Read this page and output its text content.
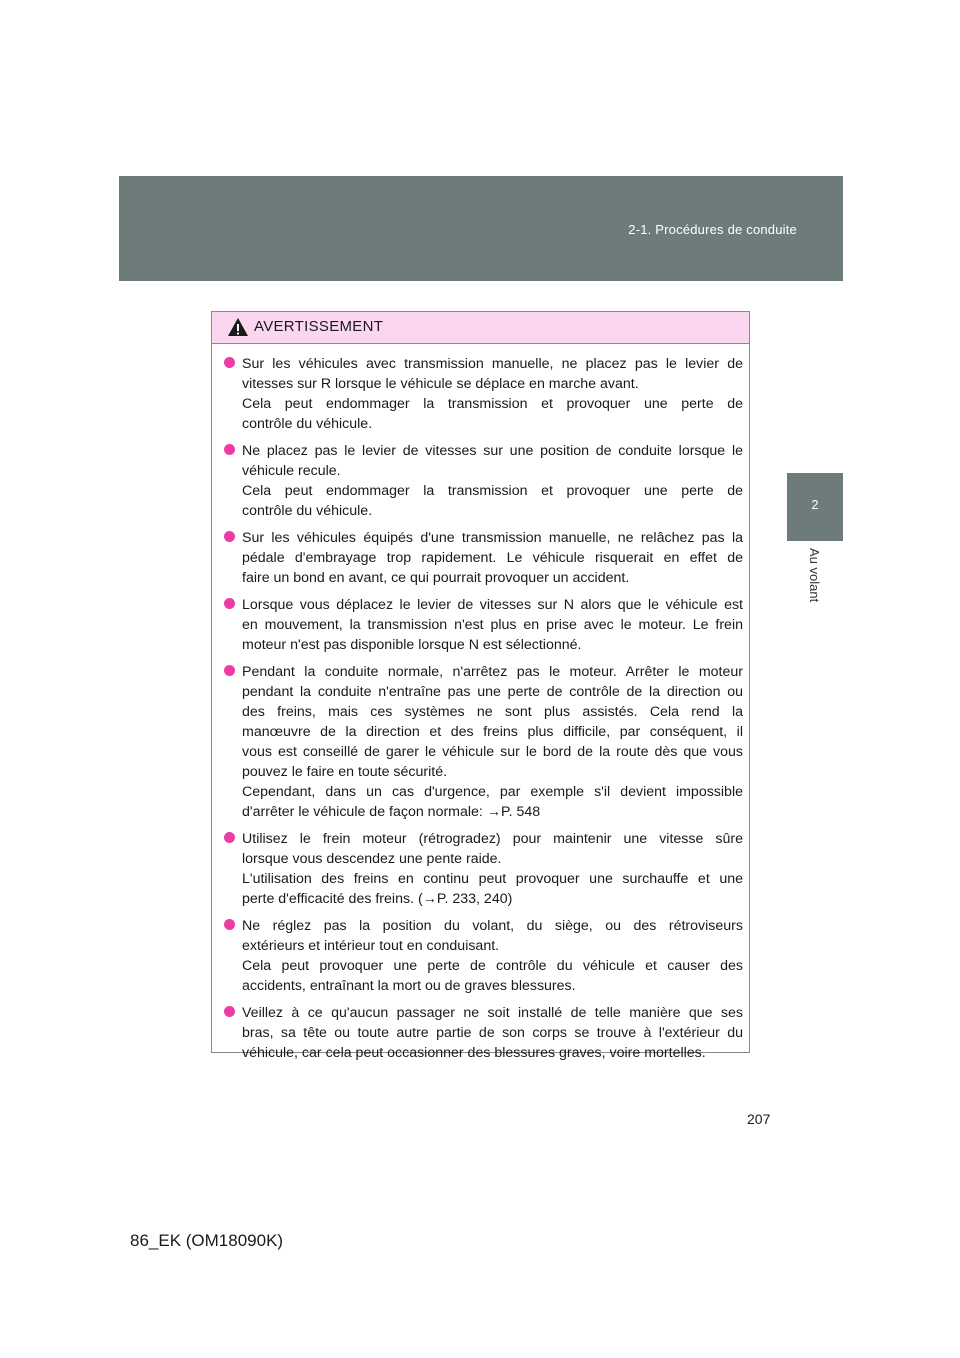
2-1. Procédures de conduite
2
Au volant
AVERTISSEMENT
Sur les véhicules avec transmission manuelle, ne placez pas le levier de
vitesses sur R lorsque le véhicule se déplace en marche avant.
Cela peut endommager la transmission et provoquer une perte de
contrôle du véhicule.
Ne placez pas le levier de vitesses sur une position de conduite lorsque le
véhicule recule.
Cela peut endommager la transmission et provoquer une perte de
contrôle du véhicule.
Sur les véhicules équipés d'une transmission manuelle, ne relâchez pas la
pédale d'embrayage trop rapidement. Le véhicule risquerait en effet de
faire un bond en avant, ce qui pourrait provoquer un accident.
Lorsque vous déplacez le levier de vitesses sur N alors que le véhicule est
en mouvement, la transmission n'est plus en prise avec le moteur. Le frein
moteur n'est pas disponible lorsque N est sélectionné.
Pendant la conduite normale, n'arrêtez pas le moteur. Arrêter le moteur
pendant la conduite n'entraîne pas une perte de contrôle de la direction ou
des freins, mais ces systèmes ne sont plus assistés. Cela rend la
manœuvre de la direction et des freins plus difficile, par conséquent, il
vous est conseillé de garer le véhicule sur le bord de la route dès que vous
pouvez le faire en toute sécurité.
Cependant, dans un cas d'urgence, par exemple s'il devient impossible
d'arrêter le véhicule de façon normale: →P. 548
Utilisez le frein moteur (rétrogradez) pour maintenir une vitesse sûre
lorsque vous descendez une pente raide.
L'utilisation des freins en continu peut provoquer une surchauffe et une
perte d'efficacité des freins. (→P. 233, 240)
Ne réglez pas la position du volant, du siège, ou des rétroviseurs
extérieurs et intérieur tout en conduisant.
Cela peut provoquer une perte de contrôle du véhicule et causer des
accidents, entraînant la mort ou de graves blessures.
Veillez à ce qu'aucun passager ne soit installé de telle manière que ses
bras, sa tête ou toute autre partie de son corps se trouve à l'extérieur du
véhicule, car cela peut occasionner des blessures graves, voire mortelles.
207
86_EK (OM18090K)
